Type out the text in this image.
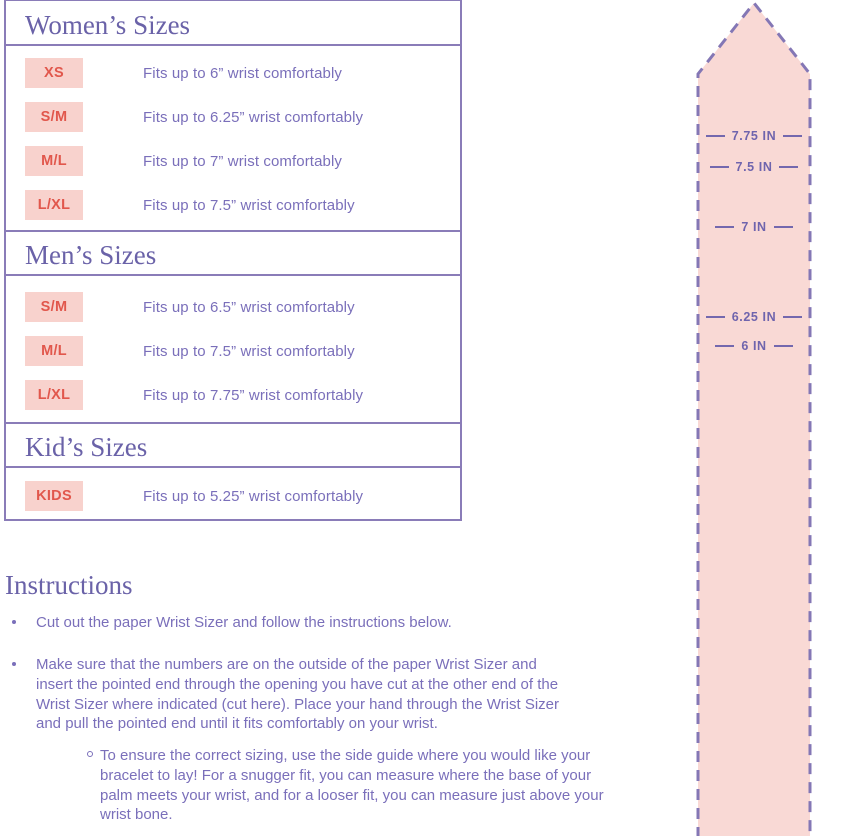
Women’s Sizes
XS	Fits up to 6” wrist comfortably
S/M	Fits up to 6.25” wrist comfortably
M/L	Fits up to 7” wrist comfortably
L/XL	Fits up to 7.5” wrist comfortably
Men’s Sizes
S/M	Fits up to 6.5” wrist comfortably
M/L	Fits up to 7.5” wrist comfortably
L/XL	Fits up to 7.75” wrist comfortably
Kid’s Sizes
KIDS	Fits up to 5.25” wrist comfortably
Instructions
Cut out the paper Wrist Sizer and follow the instructions below.
Make sure that the numbers are on the outside of the paper Wrist Sizer and insert the pointed end through the opening you have cut at the other end of the Wrist Sizer where indicated (cut here). Place your hand through the Wrist Sizer and pull the pointed end until it fits comfortably on your wrist.
To ensure the correct sizing, use the side guide where you would like your bracelet to lay! For a snugger fit, you can measure where the base of your palm meets your wrist, and for a looser fit, you can measure just above your wrist bone.
7.75 IN
7.5 IN
7 IN
6.25 IN
6 IN
